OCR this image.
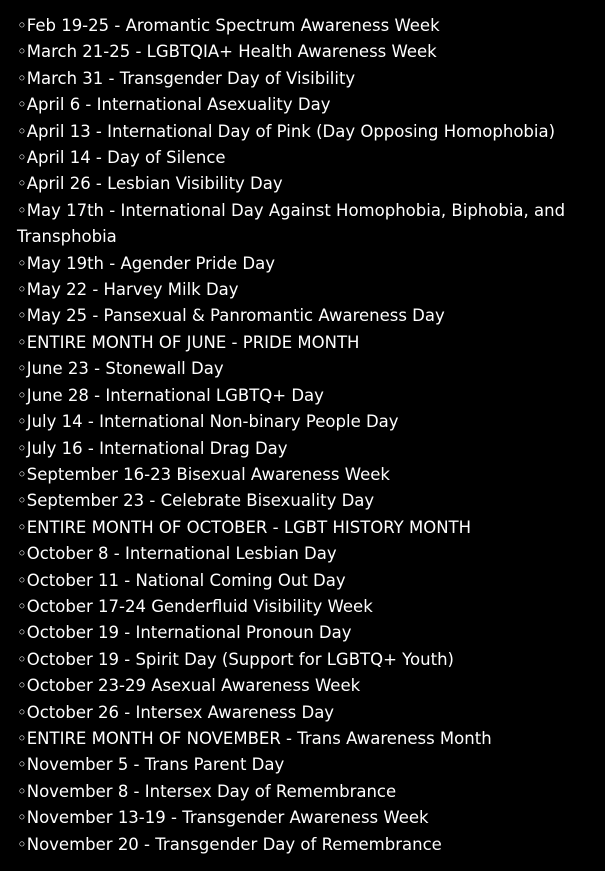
◦Feb 19-25 - Aromantic Spectrum Awareness Week
◦March 21-25 - LGBTQIA+ Health Awareness Week
◦March 31 - Transgender Day of Visibility
◦April 6 - International Asexuality Day
◦April 13 - International Day of Pink (Day Opposing Homophobia)
◦April 14 - Day of Silence
◦April 26 - Lesbian Visibility Day
◦May 17th - International Day Against Homophobia, Biphobia, and Transphobia
◦May 19th - Agender Pride Day
◦May 22 - Harvey Milk Day
◦May 25 - Pansexual & Panromantic Awareness Day
◦ENTIRE MONTH OF JUNE - PRIDE MONTH
◦June 23 - Stonewall Day
◦June 28 - International LGBTQ+ Day
◦July 14 - International Non-binary People Day
◦July 16 - International Drag Day
◦September 16-23 Bisexual Awareness Week
◦September 23 - Celebrate Bisexuality Day
◦ENTIRE MONTH OF OCTOBER - LGBT HISTORY MONTH
◦October 8 - International Lesbian Day
◦October 11 - National Coming Out Day
◦October 17-24 Genderfluid Visibility Week
◦October 19 - International Pronoun Day
◦October 19 - Spirit Day (Support for LGBTQ+ Youth)
◦October 23-29 Asexual Awareness Week
◦October 26 - Intersex Awareness Day
◦ENTIRE MONTH OF NOVEMBER - Trans Awareness Month
◦November 5 - Trans Parent Day
◦November 8 - Intersex Day of Remembrance
◦November 13-19 - Transgender Awareness Week
◦November 20 - Transgender Day of Remembrance
